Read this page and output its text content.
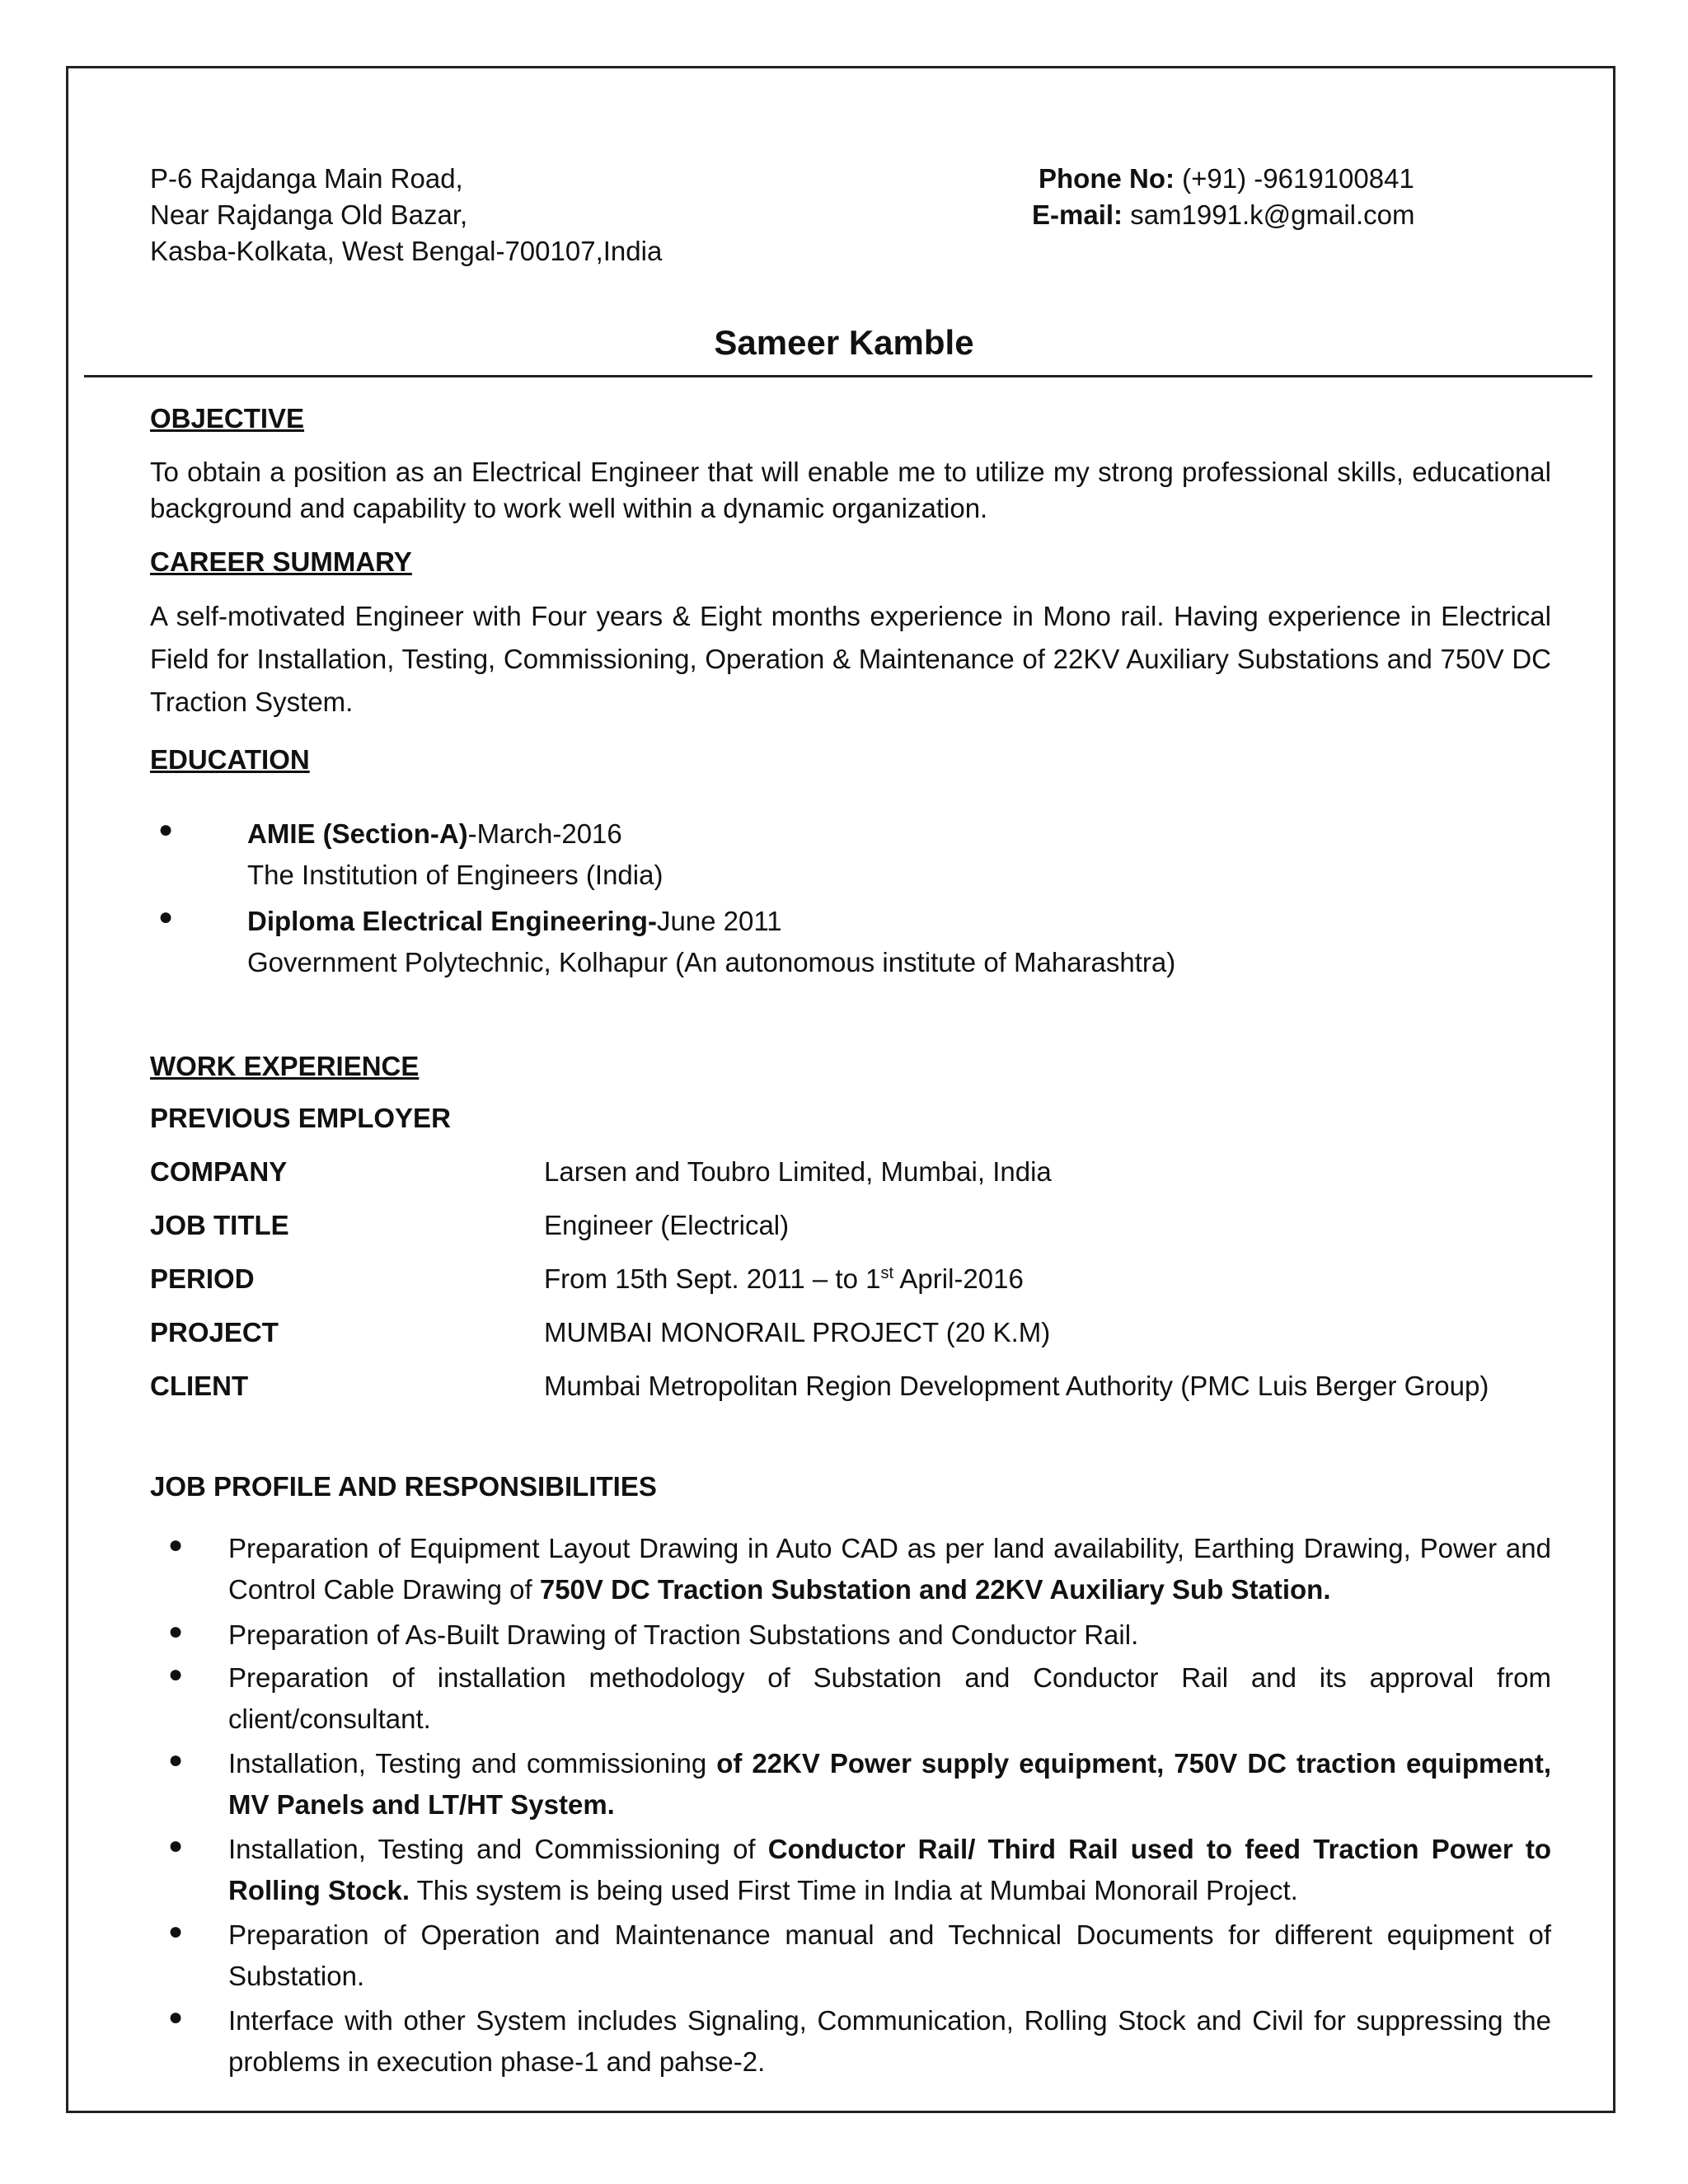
P-6 Rajdanga Main Road,
Near Rajdanga Old Bazar,
Kasba-Kolkata, West Bengal-700107,India
Phone No: (+91) -9619100841
E-mail: sam1991.k@gmail.com
Sameer Kamble
OBJECTIVE
To obtain a position as an Electrical Engineer that will enable me to utilize my strong professional skills, educational background and capability to work well within a dynamic organization.
CAREER SUMMARY
A self-motivated Engineer with Four years & Eight months experience in Mono rail. Having experience in Electrical Field for Installation, Testing, Commissioning, Operation & Maintenance of 22KV Auxiliary Substations and 750V DC Traction System.
EDUCATION
●	AMIE (Section-A)-March-2016
The Institution of Engineers (India)
●	Diploma Electrical Engineering-June 2011
Government Polytechnic, Kolhapur (An autonomous institute of Maharashtra)
WORK EXPERIENCE
PREVIOUS EMPLOYER
COMPANY	Larsen and Toubro Limited, Mumbai, India
JOB TITLE	Engineer (Electrical)
PERIOD	From 15th Sept. 2011 – to 1st April-2016
PROJECT	MUMBAI MONORAIL PROJECT (20 K.M)
CLIENT	Mumbai Metropolitan Region Development Authority (PMC Luis Berger Group)
JOB PROFILE AND RESPONSIBILITIES
● Preparation of Equipment Layout Drawing in Auto CAD as per land availability, Earthing Drawing, Power and Control Cable Drawing of 750V DC Traction Substation and 22KV Auxiliary Sub Station.
● Preparation of As-Built Drawing of Traction Substations and Conductor Rail.
● Preparation of installation methodology of Substation and Conductor Rail and its approval from client/consultant.
● Installation, Testing and commissioning of 22KV Power supply equipment, 750V DC traction equipment, MV Panels and LT/HT System.
● Installation, Testing and Commissioning of Conductor Rail/ Third Rail used to feed Traction Power to Rolling Stock. This system is being used First Time in India at Mumbai Monorail Project.
● Preparation of Operation and Maintenance manual and Technical Documents for different equipment of Substation.
● Interface with other System includes Signaling, Communication, Rolling Stock and Civil for suppressing the problems in execution phase-1 and pahse-2.
